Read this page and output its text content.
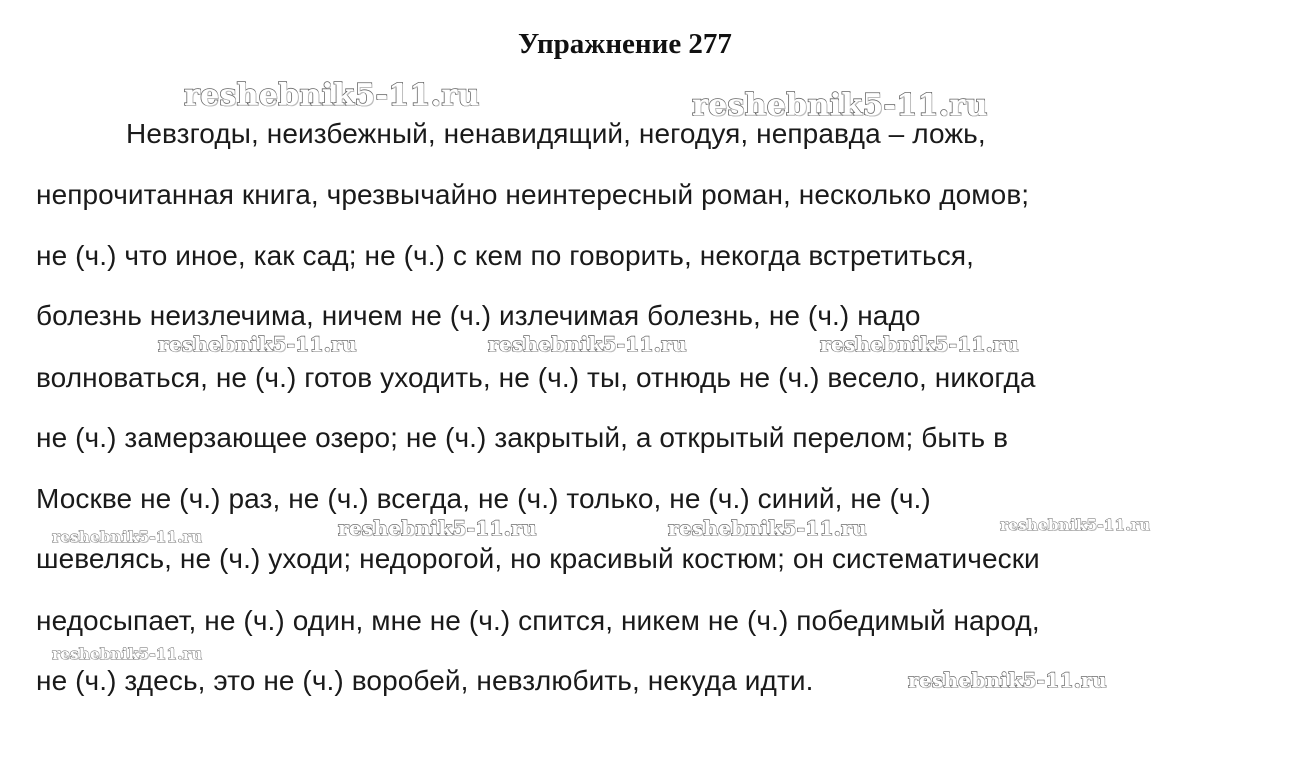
Упражнение 277
Невзгоды, неизбежный, ненавидящий, негодуя, неправда – ложь,
непрочитанная книга, чрезвычайно неинтересный роман, несколько домов;
не (ч.) что иное, как сад; не (ч.) с кем по говорить, некогда встретиться,
болезнь неизлечима, ничем не (ч.) излечимая болезнь, не (ч.) надо
волноваться, не (ч.) готов уходить, не (ч.) ты, отнюдь не (ч.) весело, никогда
не (ч.) замерзающее озеро; не (ч.) закрытый, а открытый перелом; быть в
Москве не (ч.) раз, не (ч.) всегда, не (ч.) только, не (ч.) синий, не (ч.)
шевелясь, не (ч.) уходи; недорогой, но красивый костюм; он систематически
недосыпает, не (ч.) один, мне не (ч.) спится, никем не (ч.) победимый народ,
не (ч.) здесь, это не (ч.) воробей, невзлюбить, некуда идти.
reshebnik5-11.ru	reshebnik5-11.ru
reshebnik5-11.ru	reshebnik5-11.ru	reshebnik5-11.ru
reshebnik5-11.ru	reshebnik5-11.ru	reshebnik5-11.ru	reshebnik5-11.ru
reshebnik5-11.ru
reshebnik5-11.ru
